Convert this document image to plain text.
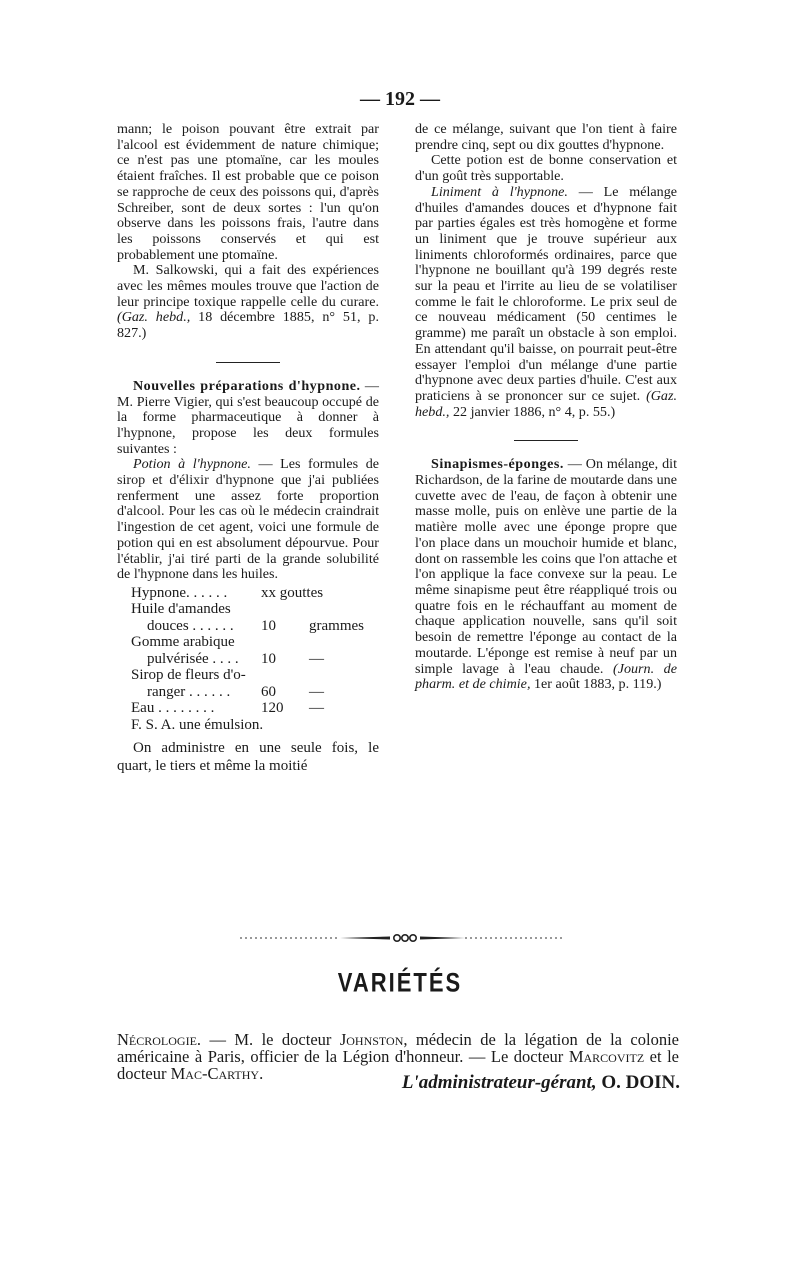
— 192 —

mann; le poison pouvant être extrait par l'alcool est évidemment de nature chimique; ce n'est pas une ptomaïne, car les moules étaient fraîches. Il est probable que ce poison se rapproche de ceux des poissons qui, d'après Schreiber, sont de deux sortes : l'un qu'on observe dans les poissons frais, l'autre dans les poissons conservés et qui est probablement une ptomaïne.

M. Salkowski, qui a fait des expériences avec les mêmes moules trouve que l'action de leur principe toxique rappelle celle du curare. (Gaz. hebd., 18 décembre 1885, n° 51, p. 827.)

Nouvelles préparations d'hypnone. — M. Pierre Vigier, qui s'est beaucoup occupé de la forme pharmaceutique à donner à l'hypnone, propose les deux formules suivantes :

Potion à l'hypnone. — Les formules de sirop et d'élixir d'hypnone que j'ai publiées renferment une assez forte proportion d'alcool. Pour les cas où le médecin craindrait l'ingestion de cet agent, voici une formule de potion qui en est absolument dépourvue. Pour l'établir, j'ai tiré parti de la grande solubilité de l'hypnone dans les huiles.

Hypnone. . . . . .	xx gouttes
Huile d'amandes
douces . . . . . .	10	grammes
Gomme arabique
pulvérisée . . . .	10	—
Sirop de fleurs d'o-
ranger . . . . . .	60	—
Eau . . . . . . . .	120	—
F. S. A. une émulsion.

On administre en une seule fois, le quart, le tiers et même la moitié

de ce mélange, suivant que l'on tient à faire prendre cinq, sept ou dix gouttes d'hypnone.

Cette potion est de bonne conservation et d'un goût très supportable.

Liniment à l'hypnone. — Le mélange d'huiles d'amandes douces et d'hypnone fait par parties égales est très homogène et forme un liniment que je trouve supérieur aux liniments chloroformés ordinaires, parce que l'hypnone ne bouillant qu'à 199 degrés reste sur la peau et l'irrite au lieu de se volatiliser comme le fait le chloroforme. Le prix seul de ce nouveau médicament (50 centimes le gramme) me paraît un obstacle à son emploi. En attendant qu'il baisse, on pourrait peut-être essayer l'emploi d'un mélange d'une partie d'hypnone avec deux parties d'huile. C'est aux praticiens à se prononcer sur ce sujet. (Gaz. hebd., 22 janvier 1886, n° 4, p. 55.)

Sinapismes-éponges. — On mélange, dit Richardson, de la farine de moutarde dans une cuvette avec de l'eau, de façon à obtenir une masse molle, puis on enlève une partie de la matière molle avec une éponge propre que l'on place dans un mouchoir humide et blanc, dont on rassemble les coins que l'on attache et l'on applique la face convexe sur la peau. Le même sinapisme peut être réappliqué trois ou quatre fois en le réchauffant au moment de chaque application nouvelle, sans qu'il soit besoin de remettre l'éponge au contact de la moutarde. L'éponge est remise à neuf par un simple lavage à l'eau chaude. (Journ. de pharm. et de chimie, 1er août 1883, p. 119.)

VARIÉTÉS

Nécrologie. — M. le docteur Johnston, médecin de la légation de la colonie américaine à Paris, officier de la Légion d'honneur. — Le docteur Marcovitz et le docteur Mac-Carthy.	L'administrateur-gérant, O. DOIN.
